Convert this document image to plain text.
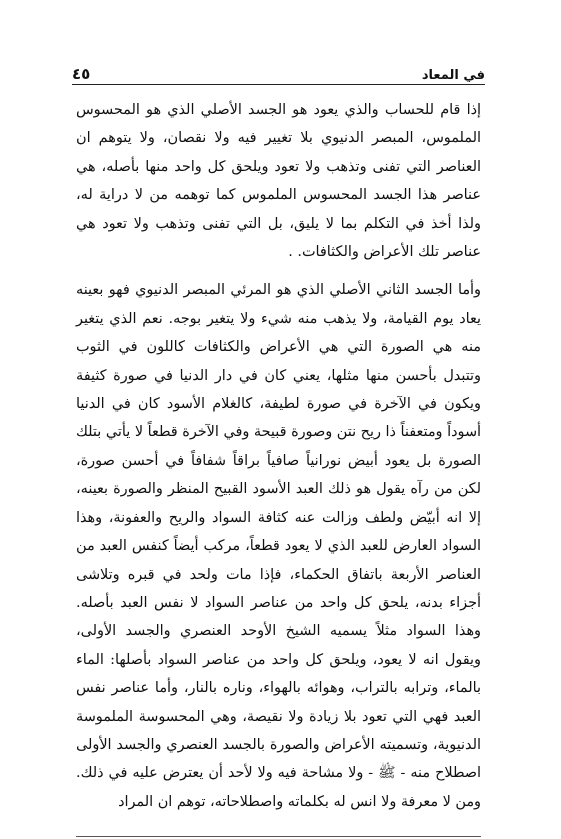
في المعاد
٤٥

إذا قام للحساب والذي يعود هو الجسد الأصلي الذي هو المحسوس الملموس، المبصر الدنيوي بلا تغيير فيه ولا نقصان، ولا يتوهم ان العناصر التي تفنى وتذهب ولا تعود ويلحق كل واحد منها بأصله، هي عناصر هذا الجسد المحسوس الملموس كما توهمه من لا دراية له، ولذا أخذ في التكلم بما لا يليق، بل التي تفنى وتذهب ولا تعود هي عناصر تلك الأعراض والكثافات. .

وأما الجسد الثاني الأصلي الذي هو المرئي المبصر الدنيوي فهو بعينه يعاد يوم القيامة، ولا يذهب منه شيء ولا يتغير بوجه. نعم الذي يتغير منه هي الصورة التي هي الأعراض والكثافات كاللون في الثوب وتتبدل بأحسن منها مثلها، يعني كان في دار الدنيا في صورة كثيفة ويكون في الآخرة في صورة لطيفة، كالغلام الأسود كان في الدنيا أسوداً ومتعفناً ذا ريح نتن وصورة قبيحة وفي الآخرة قطعاً لا يأتي بتلك الصورة بل يعود أبيض نورانياً صافياً براقاً شفافاً في أحسن صورة، لكن من رآه يقول هو ذلك العبد الأسود القبيح المنظر والصورة بعينه، إلا انه أبيّض ولطف وزالت عنه كثافة السواد والريح والعفونة، وهذا السواد العارض للعبد الذي لا يعود قطعاً، مركب أيضاً كنفس العبد من العناصر الأربعة باتفاق الحكماء، فإذا مات ولحد في قبره وتلاشى أجزاء بدنه، يلحق كل واحد من عناصر السواد لا نفس العبد بأصله. وهذا السواد مثلاً يسميه الشيخ الأوحد العنصري والجسد الأولى، ويقول انه لا يعود، ويلحق كل واحد من عناصر السواد بأصلها: الماء بالماء، وترابه بالتراب، وهوائه بالهواء، وناره بالنار، وأما عناصر نفس العبد فهي التي تعود بلا زيادة ولا نقيصة، وهي المحسوسة الملموسة الدنيوية، وتسميته الأعراض والصورة بالجسد العنصري والجسد الأولى اصطلاح منه - ﷺ - ولا مشاحة فيه ولا لأحد أن يعترض عليه في ذلك. ومن لا معرفة ولا انس له بكلماته واصطلاحاته، توهم ان المراد
